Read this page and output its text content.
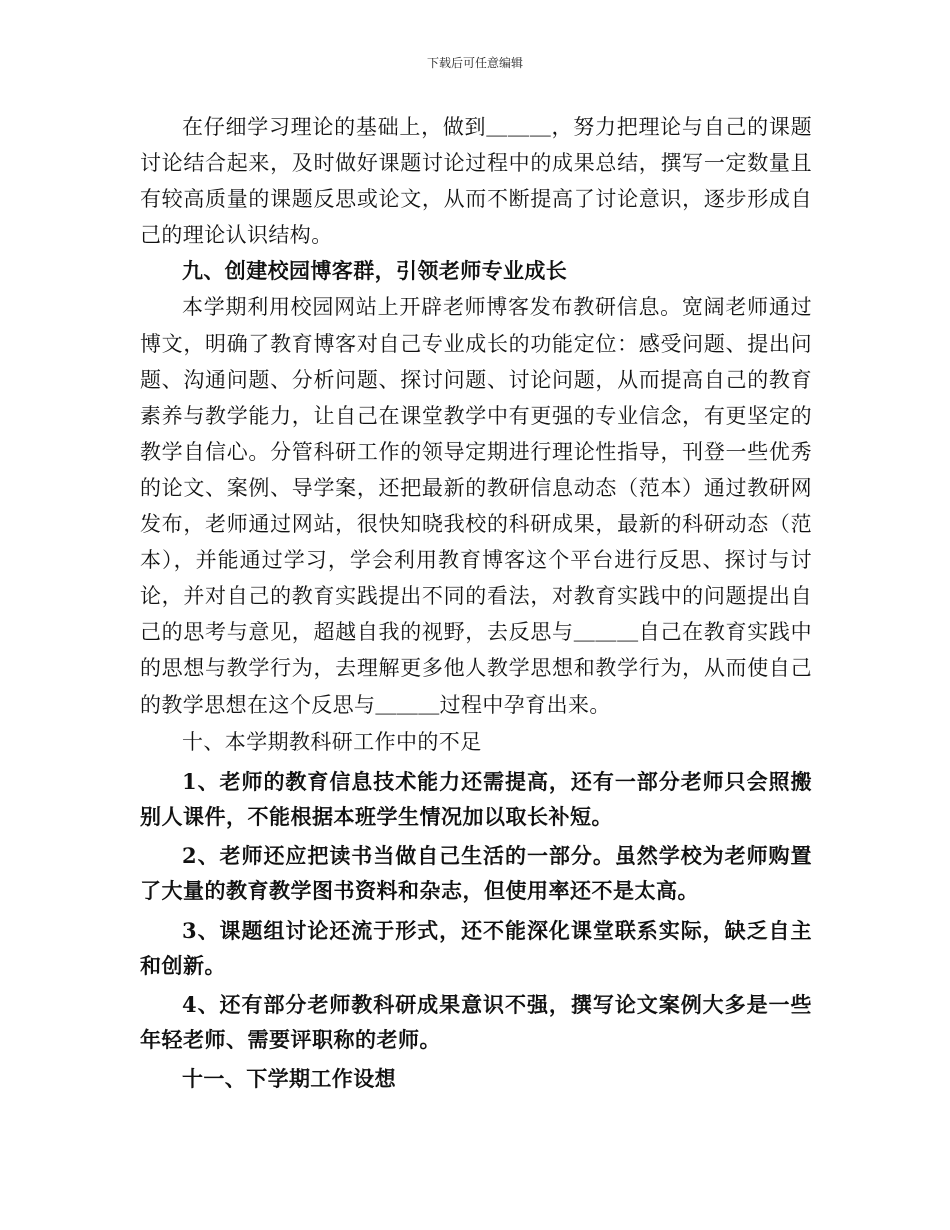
下载后可任意编辑

在仔细学习理论的基础上，做到＿＿＿，努力把理论与自己的课题讨论结合起来，及时做好课题讨论过程中的成果总结，撰写一定数量且有较高质量的课题反思或论文，从而不断提高了讨论意识，逐步形成自己的理论认识结构。

九、创建校园博客群，引领老师专业成长

本学期利用校园网站上开辟老师博客发布教研信息。宽阔老师通过博文，明确了教育博客对自己专业成长的功能定位：感受问题、提出问题、沟通问题、分析问题、探讨问题、讨论问题，从而提高自己的教育素养与教学能力，让自己在课堂教学中有更强的专业信念，有更坚定的教学自信心。分管科研工作的领导定期进行理论性指导，刊登一些优秀的论文、案例、导学案，还把最新的教研信息动态（范本）通过教研网发布，老师通过网站，很快知晓我校的科研成果，最新的科研动态（范本），并能通过学习，学会利用教育博客这个平台进行反思、探讨与讨论，并对自己的教育实践提出不同的看法，对教育实践中的问题提出自己的思考与意见，超越自我的视野，去反思与＿＿＿自己在教育实践中的思想与教学行为，去理解更多他人教学思想和教学行为，从而使自己的教学思想在这个反思与＿＿＿过程中孕育出来。

十、本学期教科研工作中的不足

1、老师的教育信息技术能力还需提高，还有一部分老师只会照搬别人课件，不能根据本班学生情况加以取长补短。

2、老师还应把读书当做自己生活的一部分。虽然学校为老师购置了大量的教育教学图书资料和杂志，但使用率还不是太高。

3、课题组讨论还流于形式，还不能深化课堂联系实际，缺乏自主和创新。

4、还有部分老师教科研成果意识不强，撰写论文案例大多是一些年轻老师、需要评职称的老师。

十一、下学期工作设想
